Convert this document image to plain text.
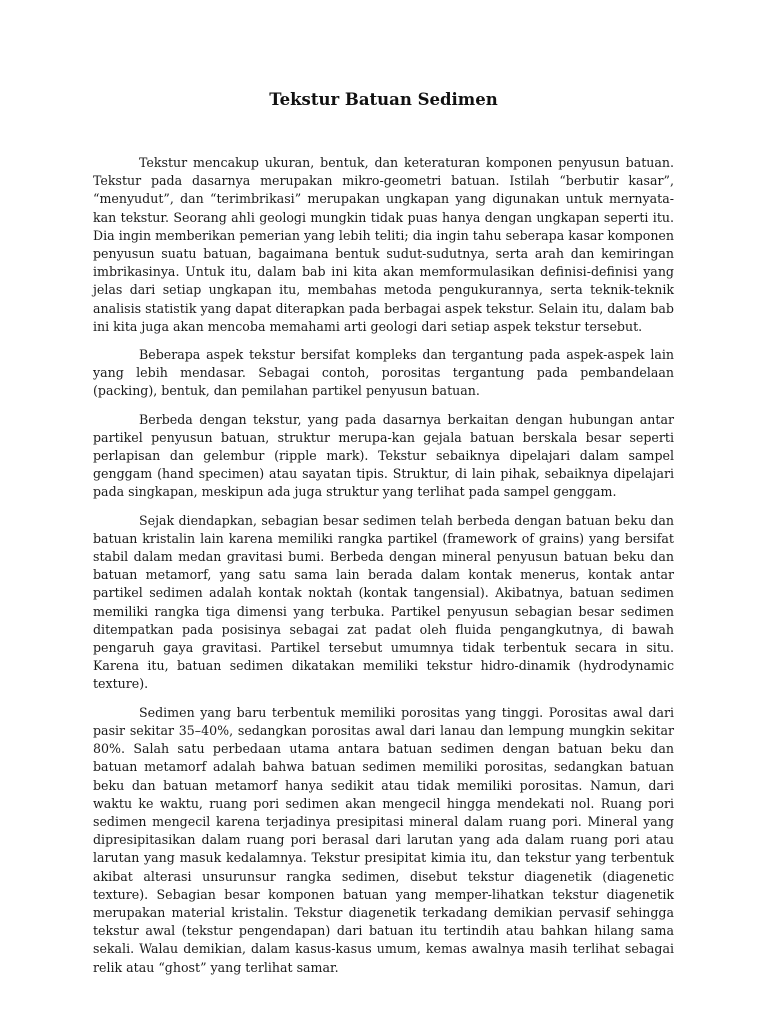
Tekstur Batuan Sedimen

Tekstur mencakup ukuran, bentuk, dan keteraturan komponen penyusun batuan. Tekstur pada dasarnya merupakan mikro-geometri batuan. Istilah “berbutir kasar”, “menyudut”, dan “terimbrikasi” merupakan ungkapan yang digunakan untuk mernyata-kan tekstur. Seorang ahli geologi mungkin tidak puas hanya dengan ungkapan seperti itu. Dia ingin memberikan pemerian yang lebih teliti; dia ingin tahu seberapa kasar komponen penyusun suatu batuan, bagaimana bentuk sudut-sudutnya, serta arah dan kemiringan imbrikasinya. Untuk itu, dalam bab ini kita akan memformulasikan definisi-definisi yang jelas dari setiap ungkapan itu, membahas metoda pengukurannya, serta teknik-teknik analisis statistik yang dapat diterapkan pada berbagai aspek tekstur. Selain itu, dalam bab ini kita juga akan mencoba memahami arti geologi dari setiap aspek tekstur tersebut.

Beberapa aspek tekstur bersifat kompleks dan tergantung pada aspek-aspek lain yang lebih mendasar. Sebagai contoh, porositas tergantung pada pembandelaan (packing), bentuk, dan pemilahan partikel penyusun batuan.

Berbeda dengan tekstur, yang pada dasarnya berkaitan dengan hubungan antar partikel penyusun batuan, struktur merupa-kan gejala batuan berskala besar seperti perlapisan dan gelembur (ripple mark). Tekstur sebaiknya dipelajari dalam sampel genggam (hand specimen) atau sayatan tipis. Struktur, di lain pihak, sebaiknya dipelajari pada singkapan, meskipun ada juga struktur yang terlihat pada sampel genggam.

Sejak diendapkan, sebagian besar sedimen telah berbeda dengan batuan beku dan batuan kristalin lain karena memiliki rangka partikel (framework of grains) yang bersifat stabil dalam medan gravitasi bumi. Berbeda dengan mineral penyusun batuan beku dan batuan metamorf, yang satu sama lain berada dalam kontak menerus, kontak antar partikel sedimen adalah kontak noktah (kontak tangensial). Akibatnya, batuan sedimen memiliki rangka tiga dimensi yang terbuka. Partikel penyusun sebagian besar sedimen ditempatkan pada posisinya sebagai zat padat oleh fluida pengangkutnya, di bawah pengaruh gaya gravitasi. Partikel tersebut umumnya tidak terbentuk secara in situ. Karena itu, batuan sedimen dikatakan memiliki tekstur hidro-dinamik (hydrodynamic texture).

Sedimen yang baru terbentuk memiliki porositas yang tinggi. Porositas awal dari pasir sekitar 35–40%, sedangkan porositas awal dari lanau dan lempung mungkin sekitar 80%. Salah satu perbedaan utama antara batuan sedimen dengan batuan beku dan batuan metamorf adalah bahwa batuan sedimen memiliki porositas, sedangkan batuan beku dan batuan metamorf hanya sedikit atau tidak memiliki porositas. Namun, dari waktu ke waktu, ruang pori sedimen akan mengecil hingga mendekati nol. Ruang pori sedimen mengecil karena terjadinya presipitasi mineral dalam ruang pori. Mineral yang dipresipitasikan dalam ruang pori berasal dari larutan yang ada dalam ruang pori atau larutan yang masuk kedalamnya. Tekstur presipitat kimia itu, dan tekstur yang terbentuk akibat alterasi unsurunsur rangka sedimen, disebut tekstur diagenetik (diagenetic texture). Sebagian besar komponen batuan yang memper-lihatkan tekstur diagenetik merupakan material kristalin. Tekstur diagenetik terkadang demikian pervasif sehingga tekstur awal (tekstur pengendapan) dari batuan itu tertindih atau bahkan hilang sama sekali. Walau demikian, dalam kasus-kasus umum, kemas awalnya masih terlihat sebagai relik atau “ghost” yang terlihat samar.
